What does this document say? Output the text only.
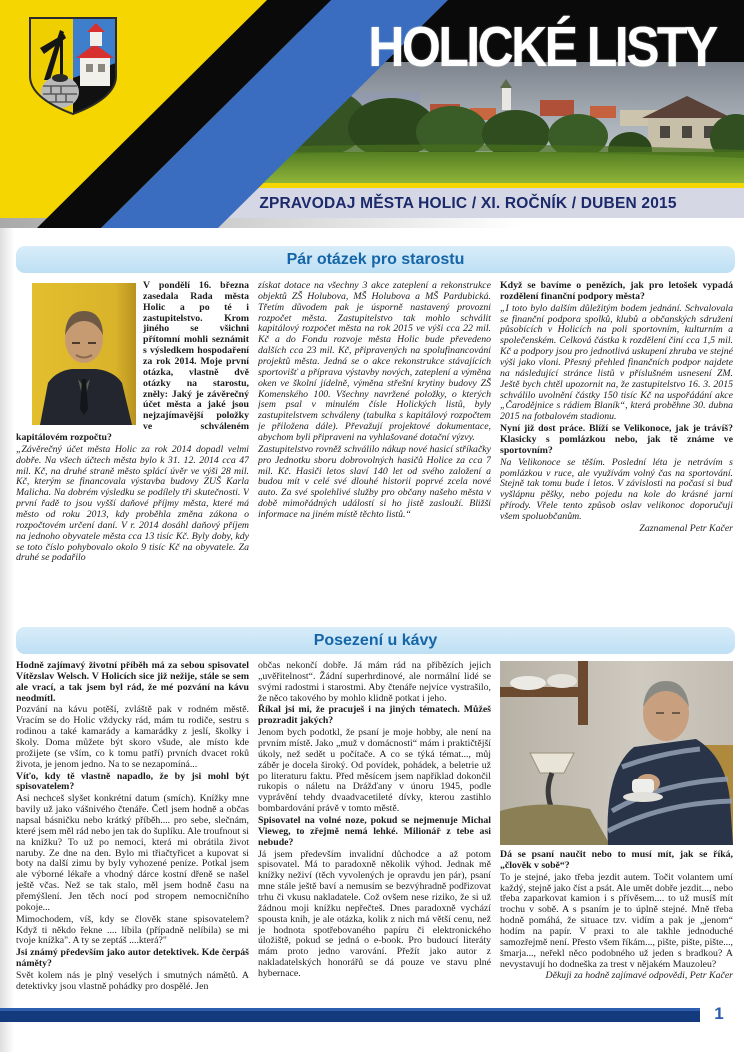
HOLICKÉ LISTY
ZPRAVODAJ MĚSTA HOLIC / XI. ROČNÍK / DUBEN 2015
Pár otázek pro starostu

V pondělí 16. března zasedala Rada města Holic a po té i zastupitelstvo. Krom jiného se všichni přítomní mohli seznámit s výsledkem hospodaření za rok 2014. Moje první otázka, vlastně dvě otázky na starostu, zněly: Jaký je závěrečný účet města a jaké jsou nejzajímavější položky ve schváleném kapitálovém rozpočtu?

„Závěrečný účet města Holic za rok 2014 dopadl velmi dobře. Na všech účtech města bylo k 31. 12. 2014 cca 47 mil. Kč, na druhé straně město splácí úvěr ve výši 28 mil. Kč, kterým se financovala výstavba budovy ZUŠ Karla Malicha. Na dobrém výsledku se podílely tři skutečnosti. V první řadě to jsou vyšší daňové příjmy města, které má město od roku 2013, kdy proběhla změna zákona o rozpočtovém určení daní. V r. 2014 dosáhl daňový příjem na jednoho obyvatele města cca 13 tisíc Kč. Byly doby, kdy se toto číslo pohybovalo okolo 9 tisíc Kč na obyvatele. Za druhé se podařilo

získat dotace na všechny 3 akce zateplení a rekonstrukce objektů ZŠ Holubova, MŠ Holubova a MŠ Pardubická. Třetím důvodem pak je úsporně nastavený provozní rozpočet města. Zastupitelstvo tak mohlo schválit kapitálový rozpočet města na rok 2015 ve výši cca 22 mil. Kč a do Fondu rozvoje města Holic bude převedeno dalších cca 23 mil. Kč, připravených na spolufinancování projektů města. Jedná se o akce rekonstrukce stávajících sportovišť a příprava výstavby nových, zateplení a výměna oken ve školní jídelně, výměna střešní krytiny budovy ZŠ Komenského 100. Všechny navržené položky, o kterých jsem psal v minulém čísle Holických listů, byly zastupitelstvem schváleny (tabulka s kapitálový rozpočtem je přiložena dále). Převažují projektové dokumentace, abychom byli připraveni na vyhlašované dotační výzvy.

Zastupitelstvo rovněž schválilo nákup nové hasicí stříkačky pro Jednotku sboru dobrovolných hasičů Holice za cca 7 mil. Kč. Hasiči letos slaví 140 let od svého založení a budou mít v celé své dlouhé historii poprvé zcela nové auto. Za své spolehlivé služby pro občany našeho města v době mimořádných událostí si ho jistě zaslouží. Bližší informace na jiném místě těchto listů.“

Když se bavíme o penězích, jak pro letošek vypadá rozdělení finanční podpory města?

„I toto bylo dalším důležitým bodem jednání. Schvalovala se finanční podpora spolků, klubů a občanských sdružení působících v Holicích na poli sportovním, kulturním a společenském. Celková částka k rozdělení činí cca 1,5 mil. Kč a podpory jsou pro jednotlivá uskupení zhruba ve stejné výši jako vloni. Přesný přehled finančních podpor najdete na následující stránce listů v příslušném usnesení ZM. Ještě bych chtěl upozornit na, že zastupitelstvo 16. 3. 2015 schválilo uvolnění částky 150 tisíc Kč na uspořádání akce „Čarodějnice s rádiem Blaník“, která proběhne 30. dubna 2015 na fotbalovém stadionu.

Nyní již dost práce. Blíží se Velikonoce, jak je trávíš? Klasicky s pomlázkou nebo, jak tě známe ve sportovním?

Na Velikonoce se těším. Poslední léta je netrávím s pomlázkou v ruce, ale využívám volný čas na sportování. Stejně tak tomu bude i letos. V závislosti na počasí si buď vyšlápnu pěšky, nebo pojedu na kole do krásné jarní přírody. Vřele tento způsob oslav velikonoc doporučuji všem spoluobčanům.

Zaznamenal Petr Kačer

Posezení u kávy

Hodně zajímavý životní příběh má za sebou spisovatel Vítězslav Welsch. V Holicích sice již nežije, stále se sem ale vrací, a tak jsem byl rád, že mé pozvání na kávu neodmítl.

Pozvání na kávu potěší, zvláště pak v rodném městě. Vracím se do Holic vždycky rád, mám tu rodiče, sestru s rodinou a také kamarády a kamarádky z jeslí, školky i školy. Doma můžete být skoro všude, ale místo kde prožijete (se vším, co k tomu patří) prvních dvacet roků života, je jenom jedno. Na to se nezapomíná...

Víťo, kdy tě vlastně napadlo, že by jsi mohl být spisovatelem?

Asi nechceš slyšet konkrétní datum (smích). Knížky mne bavily už jako vášnivého čtenáře. Četl jsem hodně a občas napsal básničku nebo krátký příběh.... pro sebe, slečnám, které jsem měl rád nebo jen tak do šuplíku. Ale troufnout si na knižku? To už po nemoci, která mi obrátila život naruby. Ze dne na den. Bylo mi třiačtyřicet a kupovat si boty na další zimu by byly vyhozené peníze. Potkal jsem ale výborné lékaře a vhodný dárce kostní dřeně se našel ještě včas. Než se tak stalo, měl jsem hodně času na přemýšlení. Jen těch nocí pod stropem nemocničního pokoje...

Mimochodem, víš, kdy se člověk stane spisovatelem? Když ti někdo řekne .... líbila (případně nelíbila) se mi tvoje knížka". A ty se zeptáš ....která?"

Jsi známý především jako autor detektivek. Kde čerpáš náměty?

Svět kolem nás je plný veselých i smutných námětů. A detektivky jsou vlastně pohádky pro dospělé. Jen

občas nekončí dobře. Já mám rád na příbězích jejich „uvěřitelnost“. Žádní superhrdinové, ale normální lidé se svými radostmi i starostmi. Aby čtenáře nejvíce vystrašilo, že něco takového by mohlo klidně potkat i jeho.

Říkal jsi mi, že pracuješ i na jiných tématech. Můžeš prozradit jakých?

Jenom bych podotkl, že psaní je moje hobby, ale není na prvním místě. Jako „muž v domácnosti“ mám i praktičtější úkoly, než sedět u počítače. A co se týká témat..., můj záběr je docela široký. Od povídek, pohádek, a beletrie už po literaturu faktu. Před měsícem jsem například dokončil rukopis o náletu na Drážďany v únoru 1945, podle vyprávění tehdy dvaadvacetileté dívky, kterou zastihlo bombardování právě v tomto městě.

Spisovatel na volné noze, pokud se nejmenuje Michal Vieweg, to zřejmě nemá lehké. Milionář z tebe asi nebude?

Já jsem především invalidní důchodce a až potom spisovatel. Má to paradoxně několik výhod. Jednak mě knížky neživí (těch vyvolených je opravdu jen pár), psaní mne stále ještě baví a nemusím se bezvýhradně podřizovat trhu či vkusu nakladatele. Což ovšem nese riziko, že si už žádnou moji knížku nepřečteš. Dnes paradoxně vychází spousta knih, je ale otázka, kolik z nich má větší cenu, než je hodnota spotřebovaného papíru či elektronického úložiště, pokud se jedná o e-book. Pro budoucí literáty mám proto jedno varování. Přežít jako autor z nakladatelských honorářů se dá pouze ve stavu plné hybernace.

Dá se psaní naučit nebo to musí mít, jak se říká, „člověk v sobě“?

To je stejné, jako třeba jezdit autem. Točit volantem umí každý, stejně jako číst a psát. Ale umět dobře jezdit..., nebo třeba zaparkovat kamion i s přívěsem.... to už musíš mít trochu v sobě. A s psaním je to úplně stejné. Mně třeba hodně pomáhá, že situace tzv. vidím a pak je „jenom“ hodím na papír. V praxi to ale takhle jednoduché samozřejmě není. Přesto všem říkám..., pište, pište, pište..., šmarja..., neřekl něco podobného už jeden s bradkou? A nevystavují ho dodneška za trest v nějakém Mauzoleu?

Děkuji za hodně zajímavé odpovědi, Petr Kačer

1
